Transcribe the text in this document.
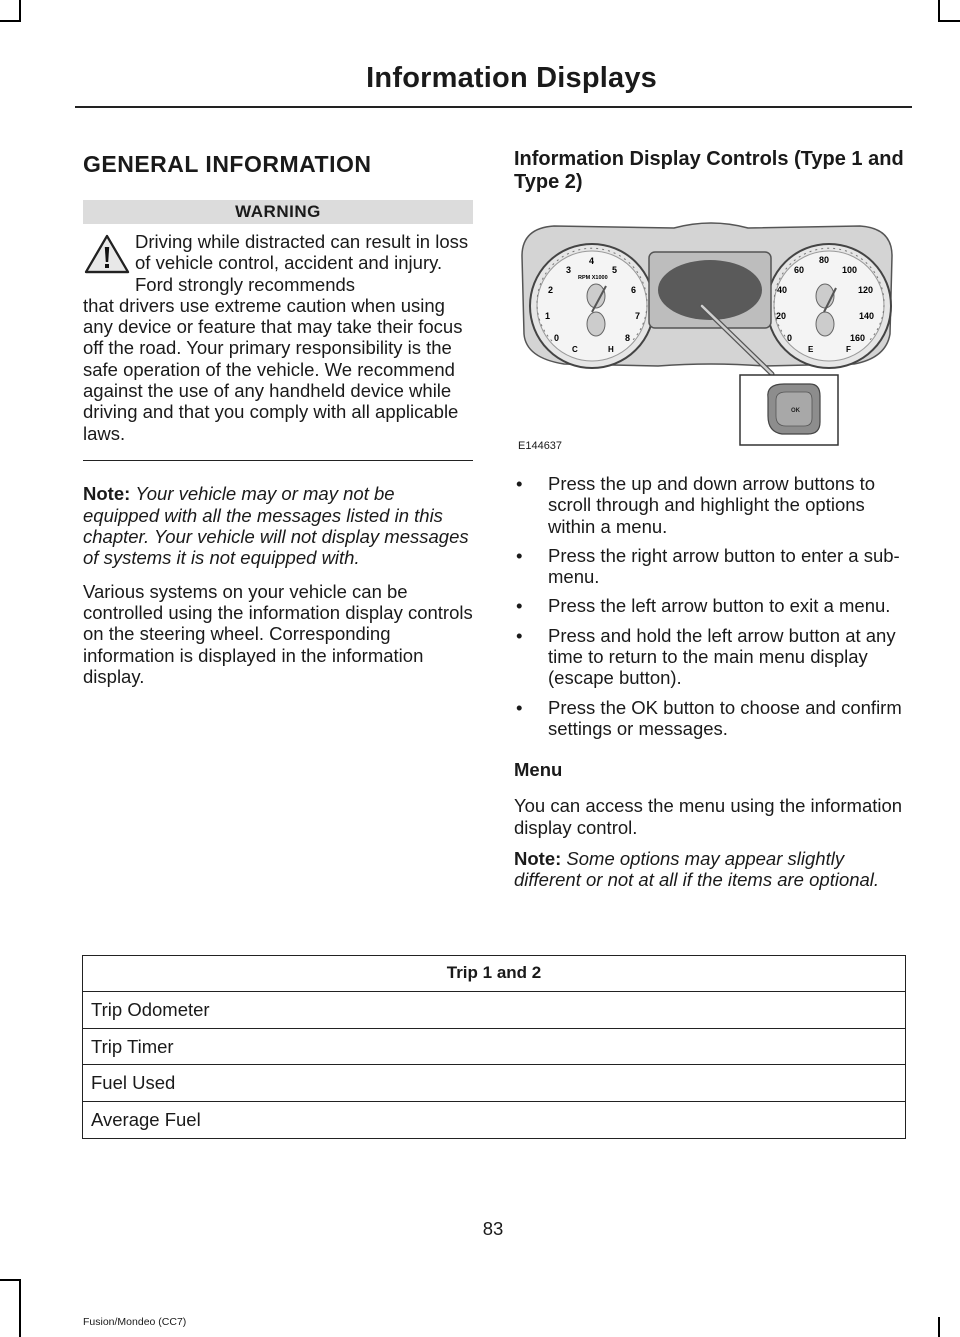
Information Displays
GENERAL INFORMATION
WARNING
Driving while distracted can result in loss of vehicle control, accident and injury. Ford strongly recommends
that drivers use extreme caution when using any device or feature that may take their focus off the road. Your primary responsibility is the safe operation of the vehicle. We recommend against the use of any handheld device while driving and that you comply with all applicable laws.

Note: Your vehicle may or may not be equipped with all the messages listed in this chapter. Your vehicle will not display messages of systems it is not equipped with.

Various systems on your vehicle can be controlled using the information display controls on the steering wheel. Corresponding information is displayed in the information display.

Information Display Controls (Type 1 and Type 2)
0
1
2
3
4
5
6
7
8
RPM X1000
C	H
0
20
40
60
80
100
120
140
160
E	F
OK
E144637
• Press the up and down arrow buttons to scroll through and highlight the options within a menu.
• Press the right arrow button to enter a sub-menu.
• Press the left arrow button to exit a menu.
• Press and hold the left arrow button at any time to return to the main menu display (escape button).
• Press the OK button to choose and confirm settings or messages.
Menu

You can access the menu using the information display control.

Note: Some options may appear slightly different or not at all if the items are optional.

Trip 1 and 2
Trip Odometer
Trip Timer
Fuel Used
Average Fuel
83
Fusion/Mondeo (CC7)
